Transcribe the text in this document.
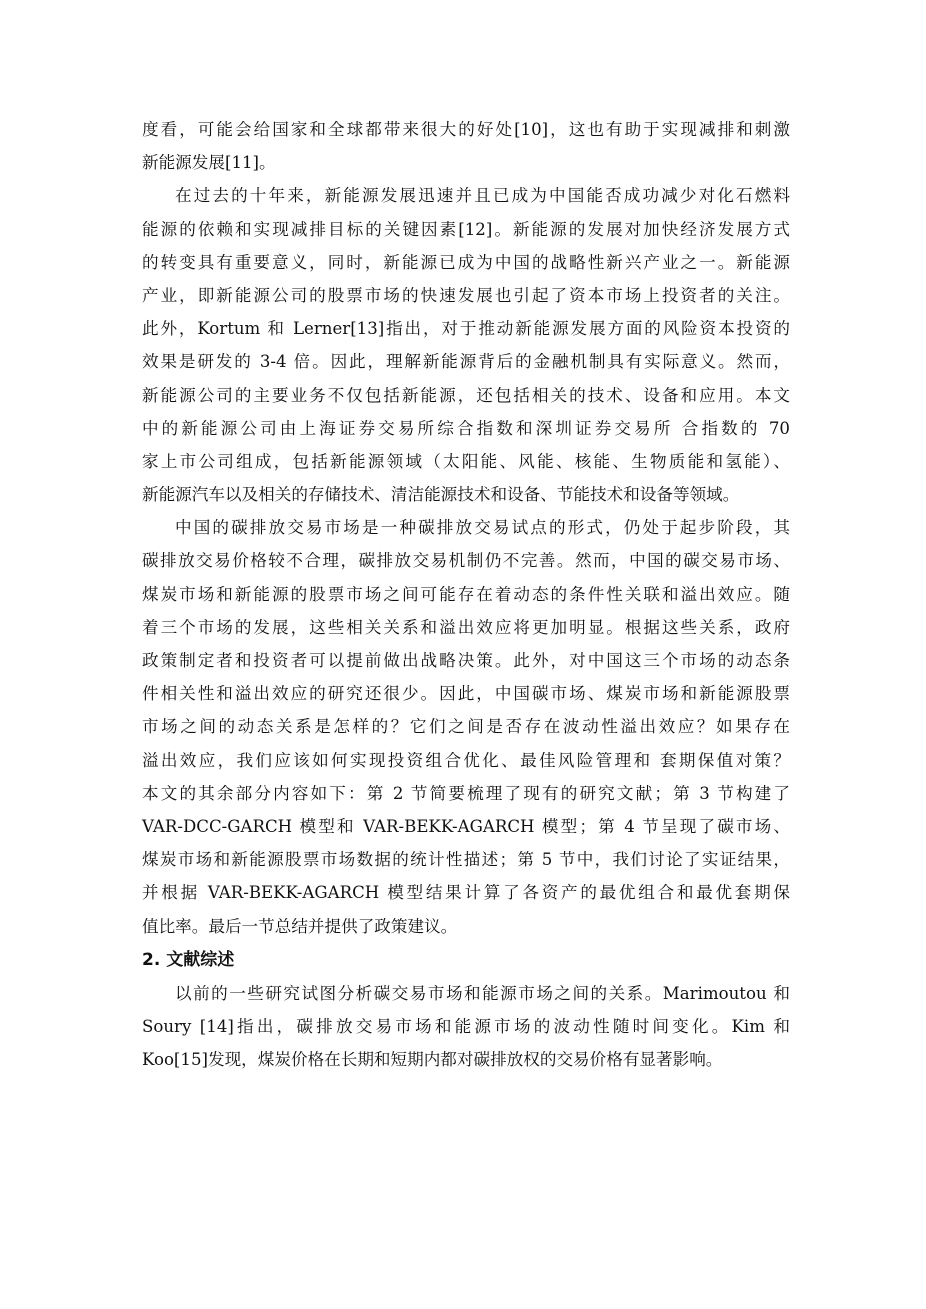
度看，可能会给国家和全球都带来很大的好处[10]，这也有助于实现减排和刺激
新能源发展[11]。
在过去的十年来，新能源发展迅速并且已成为中国能否成功减少对化石燃料
能源的依赖和实现减排目标的关键因素[12]。新能源的发展对加快经济发展方式
的转变具有重要意义，同时，新能源已成为中国的战略性新兴产业之一。新能源
产业，即新能源公司的股票市场的快速发展也引起了资本市场上投资者的关注。
此外，Kortum 和 Lerner[13]指出，对于推动新能源发展方面的风险资本投资的
效果是研发的 3-4 倍。因此，理解新能源背后的金融机制具有实际意义。然而，
新能源公司的主要业务不仅包括新能源，还包括相关的技术、设备和应用。本文
中的新能源公司由上海证券交易所综合指数和深圳证券交易所 合指数的 70
家上市公司组成，包括新能源领域（太阳能、风能、核能、生物质能和氢能）、
新能源汽车以及相关的存储技术、清洁能源技术和设备、节能技术和设备等领域。
中国的碳排放交易市场是一种碳排放交易试点的形式，仍处于起步阶段，其
碳排放交易价格较不合理，碳排放交易机制仍不完善。然而，中国的碳交易市场、
煤炭市场和新能源的股票市场之间可能存在着动态的条件性关联和溢出效应。随
着三个市场的发展，这些相关关系和溢出效应将更加明显。根据这些关系，政府
政策制定者和投资者可以提前做出战略决策。此外，对中国这三个市场的动态条
件相关性和溢出效应的研究还很少。因此，中国碳市场、煤炭市场和新能源股票
市场之间的动态关系是怎样的？它们之间是否存在波动性溢出效应？如果存在
溢出效应，我们应该如何实现投资组合优化、最佳风险管理和 套期保值对策？
本文的其余部分内容如下：第 2 节简要梳理了现有的研究文献；第 3 节构建了
VAR-DCC-GARCH 模型和 VAR-BEKK-AGARCH 模型；第 4 节呈现了碳市场、
煤炭市场和新能源股票市场数据的统计性描述；第 5 节中，我们讨论了实证结果，
并根据 VAR-BEKK-AGARCH 模型结果计算了各资产的最优组合和最优套期保
值比率。最后一节总结并提供了政策建议。
2. 文献综述
以前的一些研究试图分析碳交易市场和能源市场之间的关系。Marimoutou 和
Soury [14]指出，碳排放交易市场和能源市场的波动性随时间变化。Kim 和
Koo[15]发现，煤炭价格在长期和短期内都对碳排放权的交易价格有显著影响。
